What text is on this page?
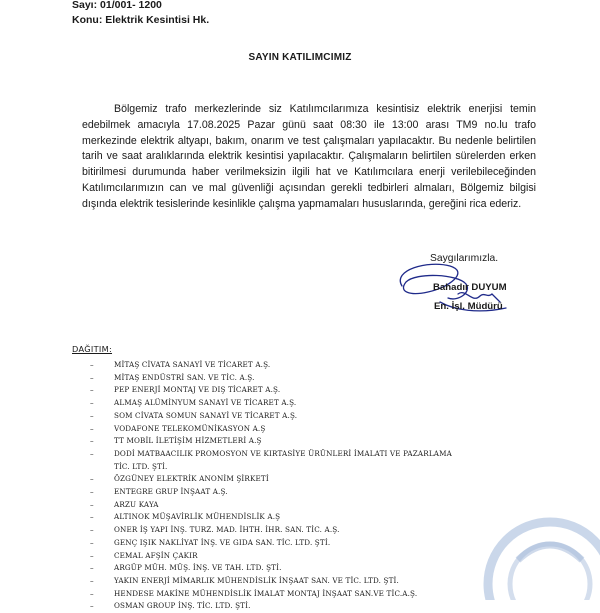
Sayı: 01/001- 1200
Konu: Elektrik Kesintisi Hk.
SAYIN KATILIMCIMIZ
Bölgemiz trafo merkezlerinde siz Katılımcılarımıza kesintisiz elektrik enerjisi temin edebilmek amacıyla 17.08.2025 Pazar günü saat 08:30 ile 13:00 arası TM9 no.lu trafo merkezinde elektrik altyapı, bakım, onarım ve test çalışmaları yapılacaktır. Bu nedenle belirtilen tarih ve saat aralıklarında elektrik kesintisi yapılacaktır. Çalışmaların belirtilen sürelerden erken bitirilmesi durumunda haber verilmeksizin ilgili hat ve Katılımcılara enerji verilebileceğinden Katılımcılarımızın can ve mal güvenliği açısından gerekli tedbirleri almaları, Bölgemiz bilgisi dışında elektrik tesislerinde kesinlikle çalışma yapmamaları hususlarında, gereğini rica ederiz.
Saygılarımızla.
Bahadır DUYUM
En. İşl. Müdürü
DAĞITIM:
–	MİTAŞ CİVATA SANAYİ VE TİCARET A.Ş.
–	MİTAŞ ENDÜSTRİ SAN. VE TİC. A.Ş.
–	PEP ENERJİ MONTAJ VE DIŞ TİCARET A.Ş.
–	ALMAŞ ALÜMİNYUM SANAYİ VE TİCARET A.Ş.
–	SOM CİVATA SOMUN SANAYİ VE TİCARET A.Ş.
–	VODAFONE TELEKOMÜNİKASYON A.Ş
–	TT MOBİL İLETİŞİM HİZMETLERİ A.Ş
–	DODİ MATBAACILIK PROMOSYON VE KIRTASİYE ÜRÜNLERİ İMALATI VE PAZARLAMA TİC. LTD. ŞTİ.
–	ÖZGÜNEY ELEKTRİK ANONİM ŞİRKETİ
–	ENTEGRE GRUP İNŞAAT A.Ş.
–	ARZU KAYA
–	ALTINOK MÜŞAVİRLİK MÜHENDİSLİK A.Ş
–	ONER İŞ YAPI İNŞ. TURZ. MAD. İHTH. İHR. SAN. TİC. A.Ş.
–	GENÇ IŞIK NAKLİYAT İNŞ. VE GIDA SAN. TİC. LTD. ŞTİ.
–	CEMAL AFŞİN ÇAKIR
–	ARGÜP MÜH. MÜŞ. İNŞ. VE TAH. LTD. ŞTİ.
–	YAKIN ENERJİ MİMARLIK MÜHENDİSLİK İNŞAAT SAN. VE TİC. LTD. ŞTİ.
–	HENDESE MAKİNE MÜHENDİSLİK İMALAT MONTAJ İNŞAAT SAN.VE TİC.A.Ş.
–	OSMAN GROUP İNŞ. TİC. LTD. ŞTİ.
